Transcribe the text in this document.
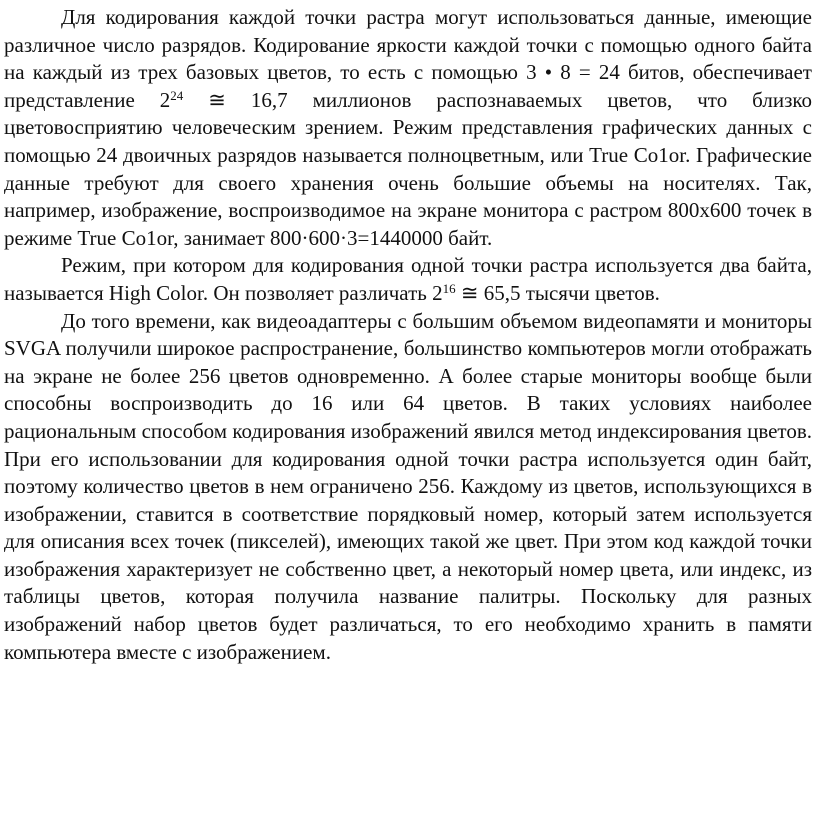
Для кодирования каждой точки растра могут использоваться данные, имеющие различное число разрядов. Кодирование яркости каждой точки с помощью одного байта на каждый из трех базовых цветов, то есть с помощью 3 • 8 = 24 битов, обеспечивает представление $2^{24}$ ≅ 16,7 миллионов распознаваемых цветов, что близко цветовосприятию человеческим зрением. Режим представления графических данных с помощью 24 двоичных разрядов называется полноцветным, или True Co1or. Графические данные требуют для своего хранения очень большие объемы на носителях. Так, например, изображение, воспроизводимое на экране монитора с растром 800х600 точек в режиме True Co1or, занимает 800·600·3=1440000 байт.

Режим, при котором для кодирования одной точки растра используется два байта, называется High Color. Он позволяет различать $2^{16}$ ≅ 65,5 тысячи цветов.

До того времени, как видеоадаптеры с большим объемом видеопамяти и мониторы SVGA получили широкое распространение, большинство компьютеров могли отображать на экране не более 256 цветов одновременно. А более старые мониторы вообще были способны воспроизводить до 16 или 64 цветов. В таких условиях наиболее рациональным способом кодирования изображений явился метод индексирования цветов. При его использовании для кодирования одной точки растра используется один байт, поэтому количество цветов в нем ограничено 256. Каждому из цветов, использующихся в изображении, ставится в соответствие порядковый номер, который затем используется для описания всех точек (пикселей), имеющих такой же цвет. При этом код каждой точки изображения характеризует не собственно цвет, а некоторый номер цвета, или индекс, из таблицы цветов, которая получила название палитры. Поскольку для разных изображений набор цветов будет различаться, то его необходимо хранить в памяти компьютера вместе с изображением.
